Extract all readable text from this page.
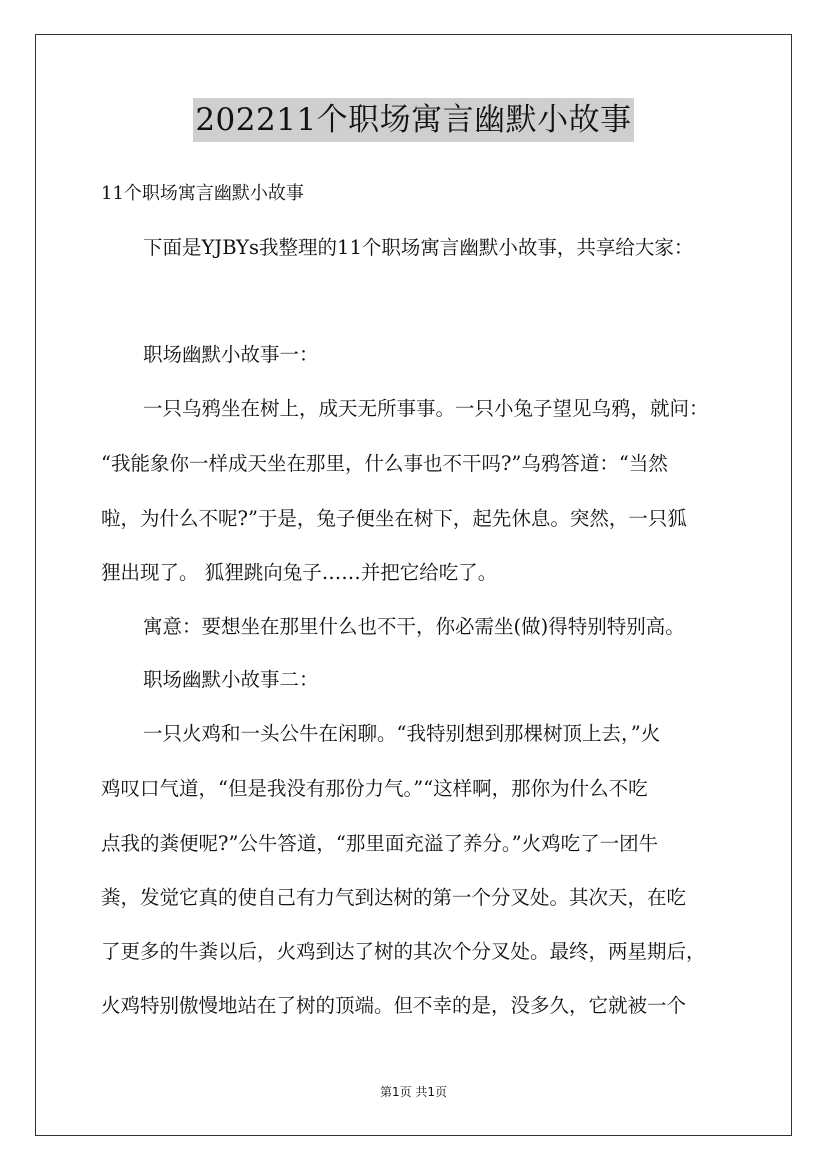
202211个职场寓言幽默小故事
11个职场寓言幽默小故事
下面是YJBYs我整理的11个职场寓言幽默小故事，共享给大家：
职场幽默小故事一：
一只乌鸦坐在树上，成天无所事事。一只小兔子望见乌鸦，就问：
“我能象你一样成天坐在那里，什么事也不干吗?”乌鸦答道：“当然
啦，为什么不呢?”于是，兔子便坐在树下，起先休息。突然，一只狐
狸出现了。 狐狸跳向兔子……并把它给吃了。
寓意：要想坐在那里什么也不干，你必需坐(做)得特别特别高。
职场幽默小故事二：
一只火鸡和一头公牛在闲聊。“我特别想到那棵树顶上去，”火
鸡叹口气道，“但是我没有那份力气。”“这样啊，那你为什么不吃
点我的粪便呢?”公牛答道，“那里面充溢了养分。”火鸡吃了一团牛
粪，发觉它真的使自己有力气到达树的第一个分叉处。其次天，在吃
了更多的牛粪以后，火鸡到达了树的其次个分叉处。最终，两星期后，
火鸡特别傲慢地站在了树的顶端。但不幸的是，没多久，它就被一个
第1页 共1页
